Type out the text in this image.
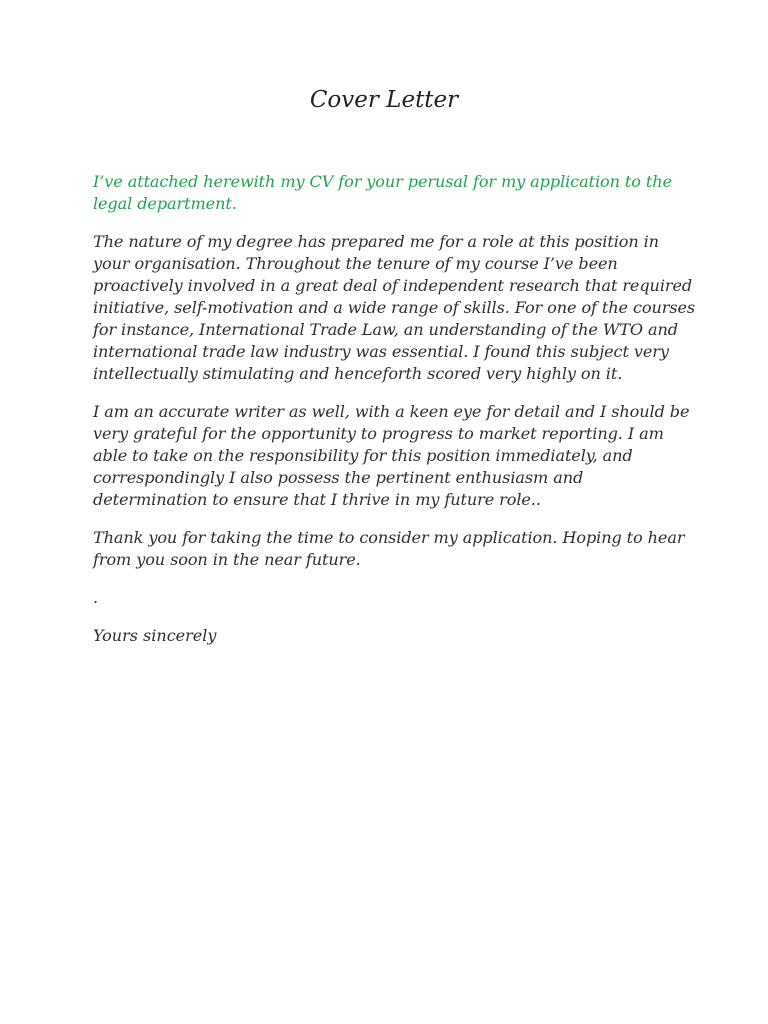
Cover Letter

I’ve attached herewith my CV for your perusal for my application to the
legal department.

The nature of my degree has prepared me for a role at this position in
your organisation. Throughout the tenure of my course I’ve been
proactively involved in a great deal of independent research that required
initiative, self-motivation and a wide range of skills. For one of the courses
for instance, International Trade Law, an understanding of the WTO and
international trade law industry was essential. I found this subject very
intellectually stimulating and henceforth scored very highly on it.

I am an accurate writer as well, with a keen eye for detail and I should be
very grateful for the opportunity to progress to market reporting. I am
able to take on the responsibility for this position immediately, and
correspondingly I also possess the pertinent enthusiasm and
determination to ensure that I thrive in my future role..

Thank you for taking the time to consider my application. Hoping to hear
from you soon in the near future.

.

Yours sincerely
